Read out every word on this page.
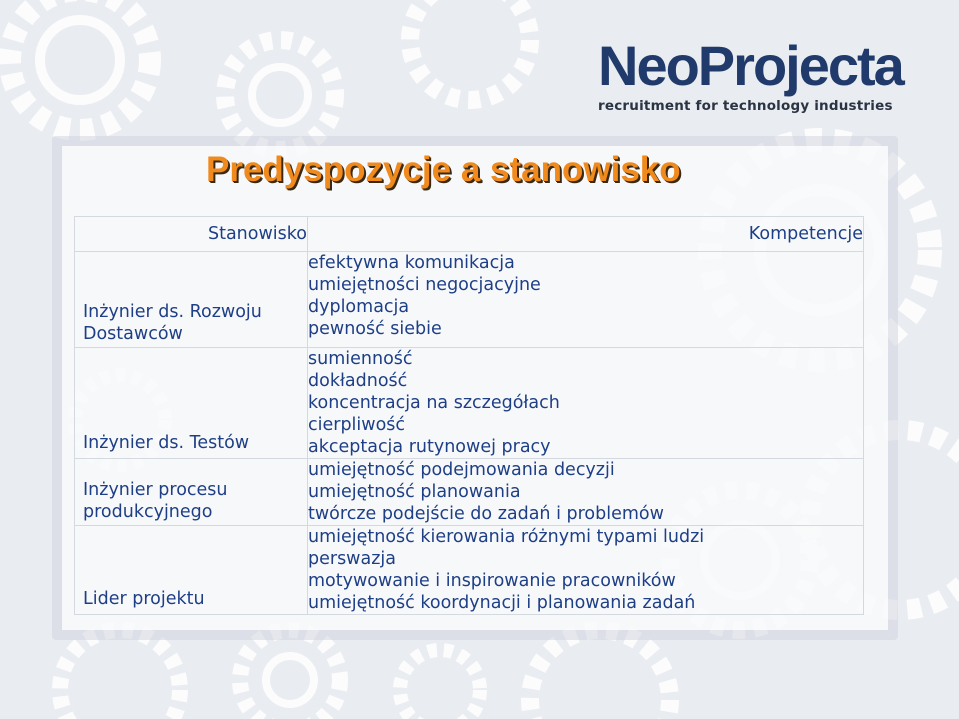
NeoProjecta
recruitment for technology industries
Predyspozycje a stanowisko
Stanowisko	Kompetencje

Inżynier ds. Rozwoju Dostawców	efektywna komunikacja
umiejętności negocjacyjne
dyplomacja
pewność siebie

Inżynier ds. Testów	sumienność
dokładność
koncentracja na szczegółach
cierpliwość
akceptacja rutynowej pracy

Inżynier procesu produkcyjnego	umiejętność podejmowania decyzji
umiejętność planowania
twórcze podejście do zadań i problemów

Lider projektu	umiejętność kierowania różnymi typami ludzi
perswazja
motywowanie i inspirowanie pracowników
umiejętność koordynacji i planowania zadań
